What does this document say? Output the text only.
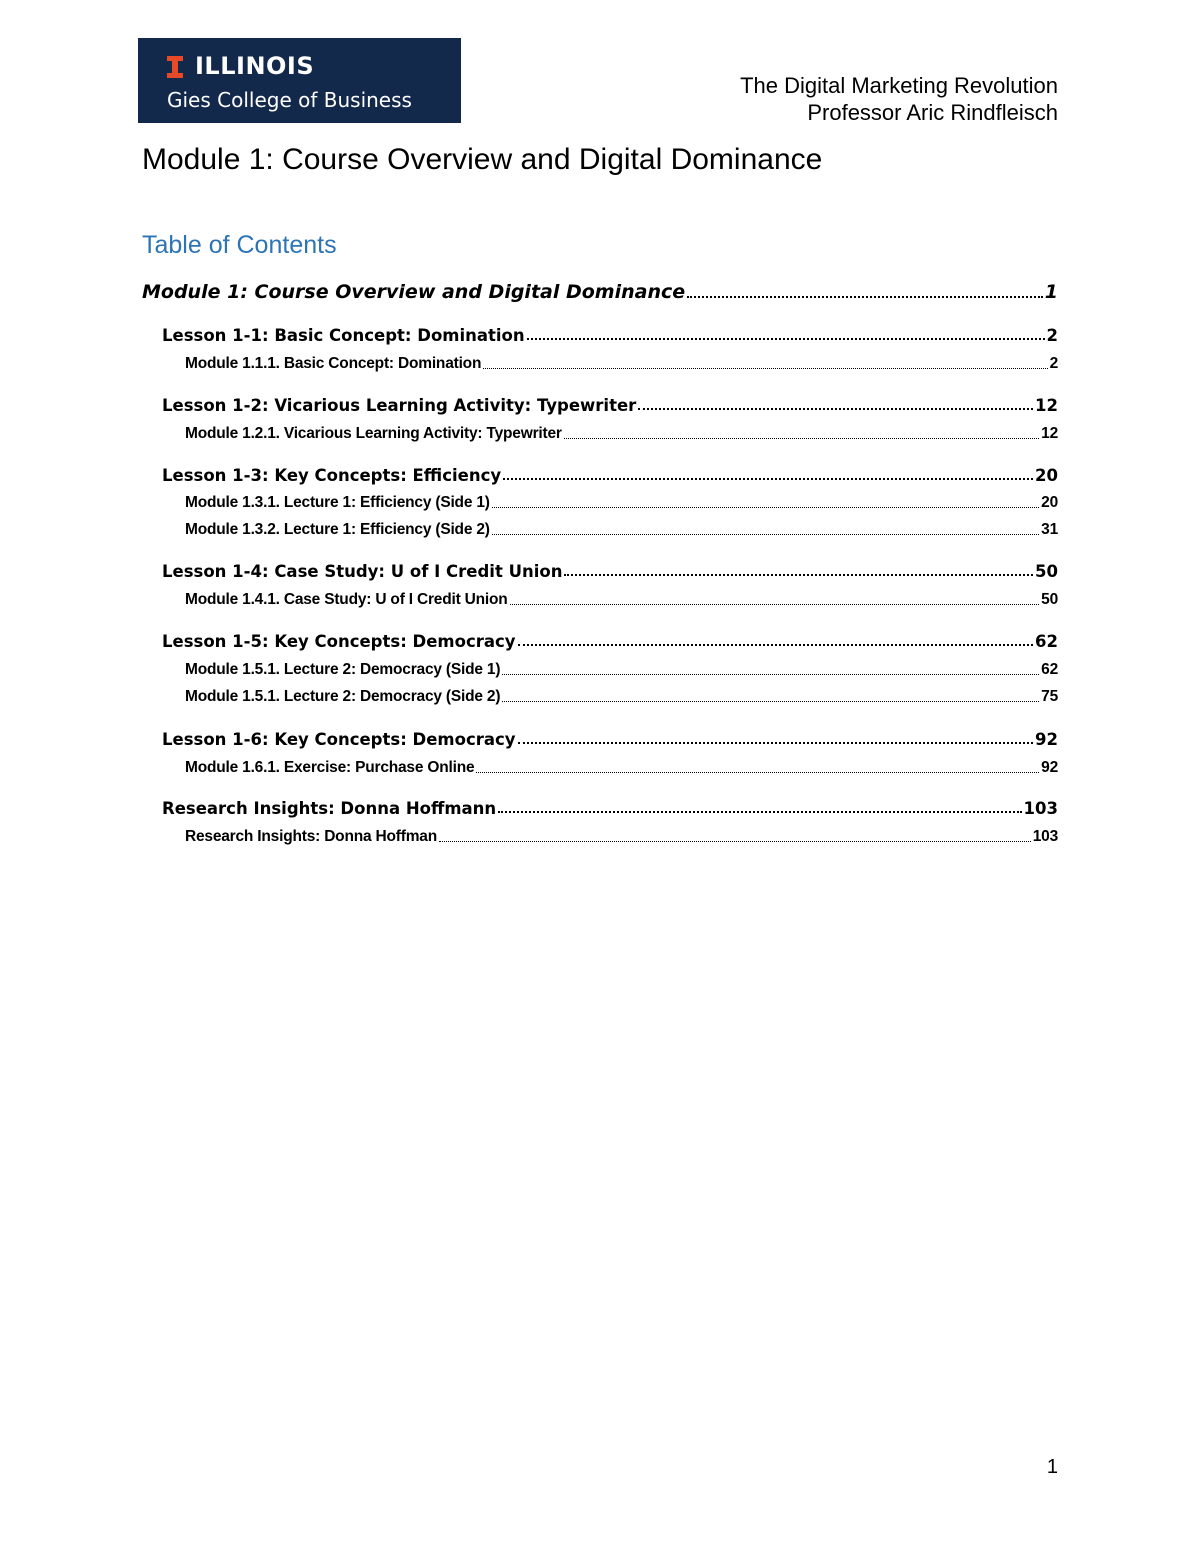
ILLINOIS
Gies College of Business
The Digital Marketing Revolution
Professor Aric Rindfleisch
Module 1: Course Overview and Digital Dominance
Table of Contents
Module 1: Course Overview and Digital Dominance	1
Lesson 1-1: Basic Concept: Domination	2
Module 1.1.1. Basic Concept: Domination	2
Lesson 1-2: Vicarious Learning Activity: Typewriter	12
Module 1.2.1. Vicarious Learning Activity: Typewriter	12
Lesson 1-3: Key Concepts: Efficiency	20
Module 1.3.1. Lecture 1: Efficiency (Side 1)	20
Module 1.3.2. Lecture 1: Efficiency (Side 2)	31
Lesson 1-4: Case Study: U of I Credit Union	50
Module 1.4.1. Case Study: U of I Credit Union	50
Lesson 1-5: Key Concepts: Democracy	62
Module 1.5.1. Lecture 2: Democracy (Side 1)	62
Module 1.5.1. Lecture 2: Democracy (Side 2)	75
Lesson 1-6: Key Concepts: Democracy	92
Module 1.6.1. Exercise: Purchase Online	92
Research Insights: Donna Hoffmann	103
Research Insights: Donna Hoffman	103
1
